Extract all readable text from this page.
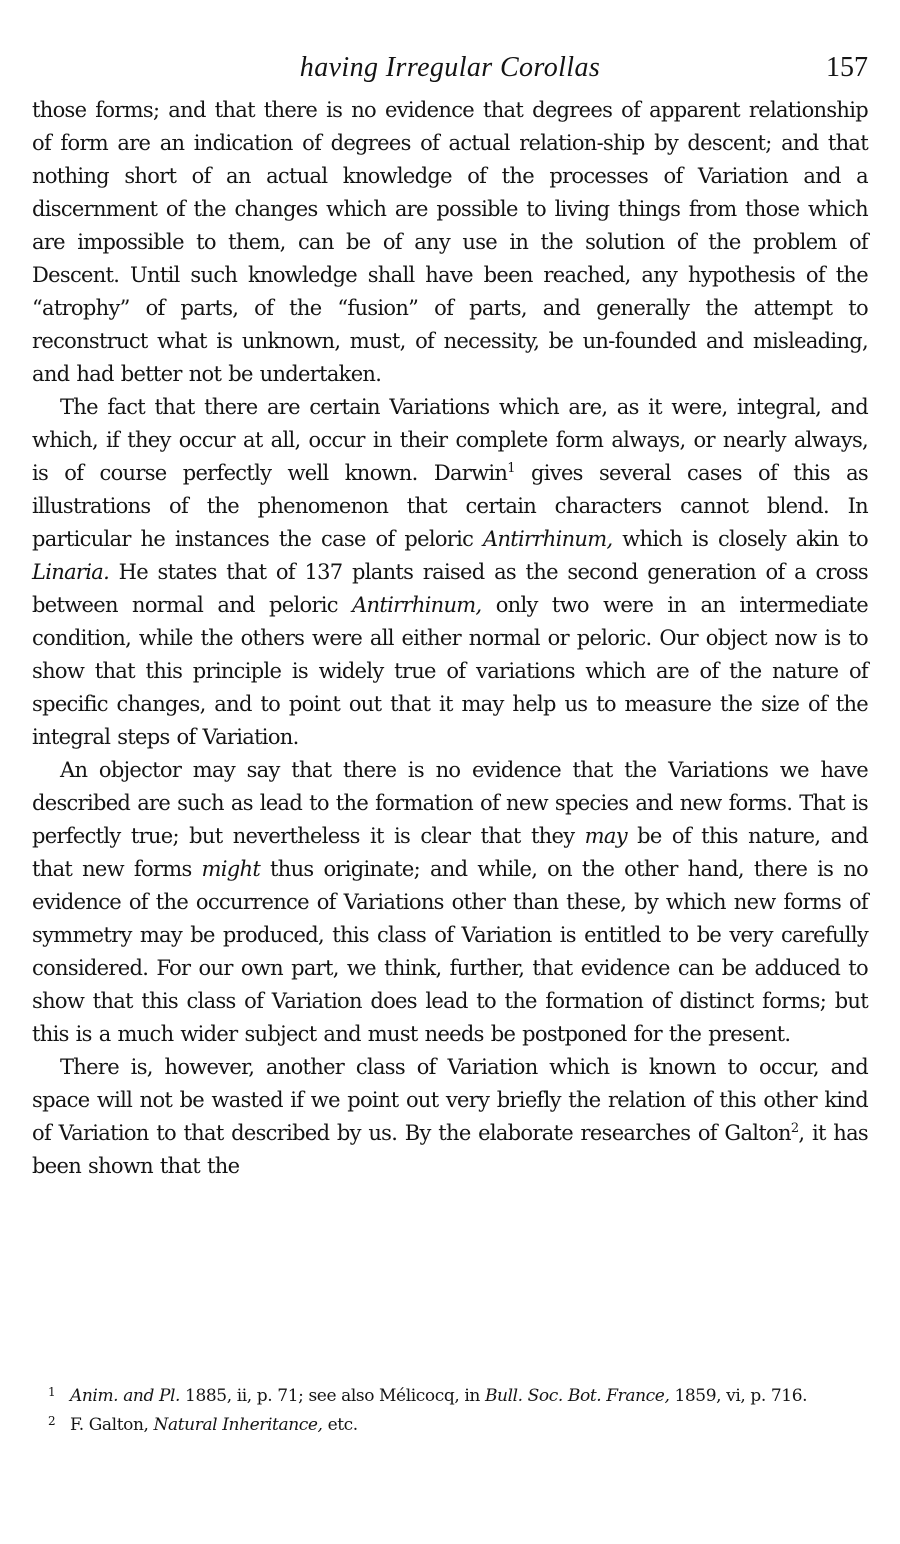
having Irregular Corollas	157

those forms; and that there is no evidence that degrees of apparent relationship of form are an indication of degrees of actual relation-ship by descent; and that nothing short of an actual knowledge of the processes of Variation and a discernment of the changes which are possible to living things from those which are impossible to them, can be of any use in the solution of the problem of Descent. Until such knowledge shall have been reached, any hypothesis of the “atrophy” of parts, of the “fusion” of parts, and generally the attempt to reconstruct what is unknown, must, of necessity, be un-founded and misleading, and had better not be undertaken.

The fact that there are certain Variations which are, as it were, integral, and which, if they occur at all, occur in their complete form always, or nearly always, is of course perfectly well known. Darwin$^1$ gives several cases of this as illustrations of the phenomenon that certain characters cannot blend. In particular he instances the case of peloric Antirrhinum, which is closely akin to Linaria. He states that of 137 plants raised as the second generation of a cross between normal and peloric Antirrhinum, only two were in an intermediate condition, while the others were all either normal or peloric. Our object now is to show that this principle is widely true of variations which are of the nature of specific changes, and to point out that it may help us to measure the size of the integral steps of Variation.

An objector may say that there is no evidence that the Variations we have described are such as lead to the formation of new species and new forms. That is perfectly true; but nevertheless it is clear that they may be of this nature, and that new forms might thus originate; and while, on the other hand, there is no evidence of the occurrence of Variations other than these, by which new forms of symmetry may be produced, this class of Variation is entitled to be very carefully considered. For our own part, we think, further, that evidence can be adduced to show that this class of Variation does lead to the formation of distinct forms; but this is a much wider subject and must needs be postponed for the present.

There is, however, another class of Variation which is known to occur, and space will not be wasted if we point out very briefly the relation of this other kind of Variation to that described by us. By the elaborate researches of Galton$^2$, it has been shown that the

1 Anim. and Pl. 1885, ii, p. 71; see also Mélicocq, in Bull. Soc. Bot. France, 1859, vi, p. 716.

2 F. Galton, Natural Inheritance, etc.
